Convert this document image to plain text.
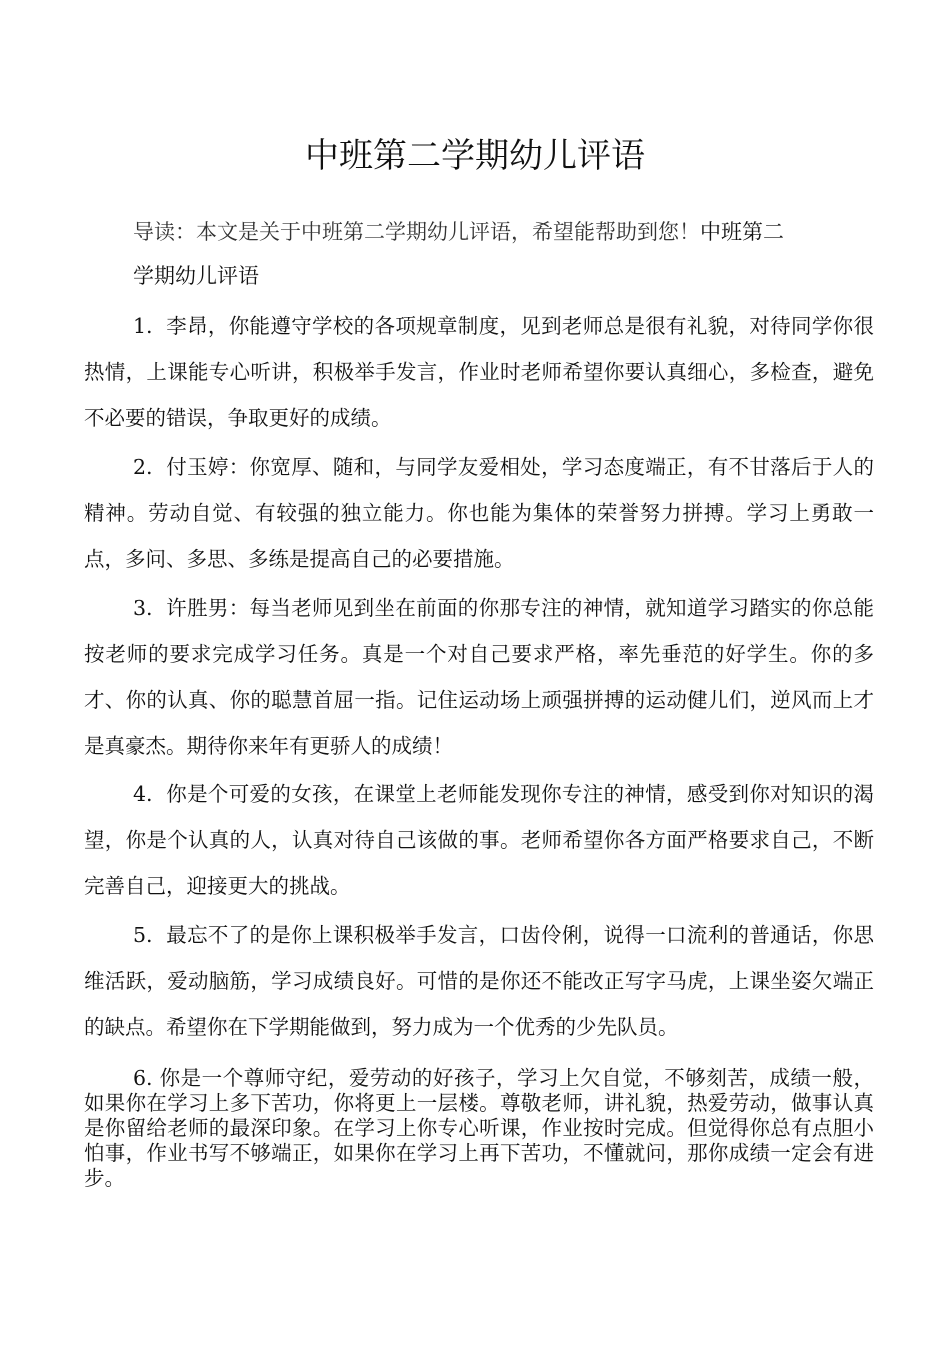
中班第二学期幼儿评语

导读：本文是关于中班第二学期幼儿评语，希望能帮助到您！中班第二
学期幼儿评语

1. 李昂，你能遵守学校的各项规章制度，见到老师总是很有礼貌，对待同学你很热情，上课能专心听讲，积极举手发言，作业时老师希望你要认真细心，多检查，避免不必要的错误，争取更好的成绩。

2. 付玉婷：你宽厚、随和，与同学友爱相处，学习态度端正，有不甘落后于人的精神。劳动自觉、有较强的独立能力。你也能为集体的荣誉努力拼搏。学习上勇敢一点，多问、多思、多练是提高自己的必要措施。

3. 许胜男：每当老师见到坐在前面的你那专注的神情，就知道学习踏实的你总能按老师的要求完成学习任务。真是一个对自己要求严格，率先垂范的好学生。你的多才、你的认真、你的聪慧首屈一指。记住运动场上顽强拼搏的运动健儿们，逆风而上才是真豪杰。期待你来年有更骄人的成绩！

4. 你是个可爱的女孩，在课堂上老师能发现你专注的神情，感受到你对知识的渴望，你是个认真的人，认真对待自己该做的事。老师希望你各方面严格要求自己，不断完善自己，迎接更大的挑战。

5. 最忘不了的是你上课积极举手发言，口齿伶俐，说得一口流利的普通话，你思维活跃，爱动脑筋，学习成绩良好。可惜的是你还不能改正写字马虎，上课坐姿欠端正的缺点。希望你在下学期能做到，努力成为一个优秀的少先队员。

6. 你是一个尊师守纪，爱劳动的好孩子，学习上欠自觉，不够刻苦，成绩一般，如果你在学习上多下苦功，你将更上一层楼。尊敬老师，讲礼貌，热爱劳动，做事认真是你留给老师的最深印象。在学习上你专心听课，作业按时完成。但觉得你总有点胆小怕事，作业书写不够端正，如果你在学习上再下苦功，不懂就问，那你成绩一定会有进步。
